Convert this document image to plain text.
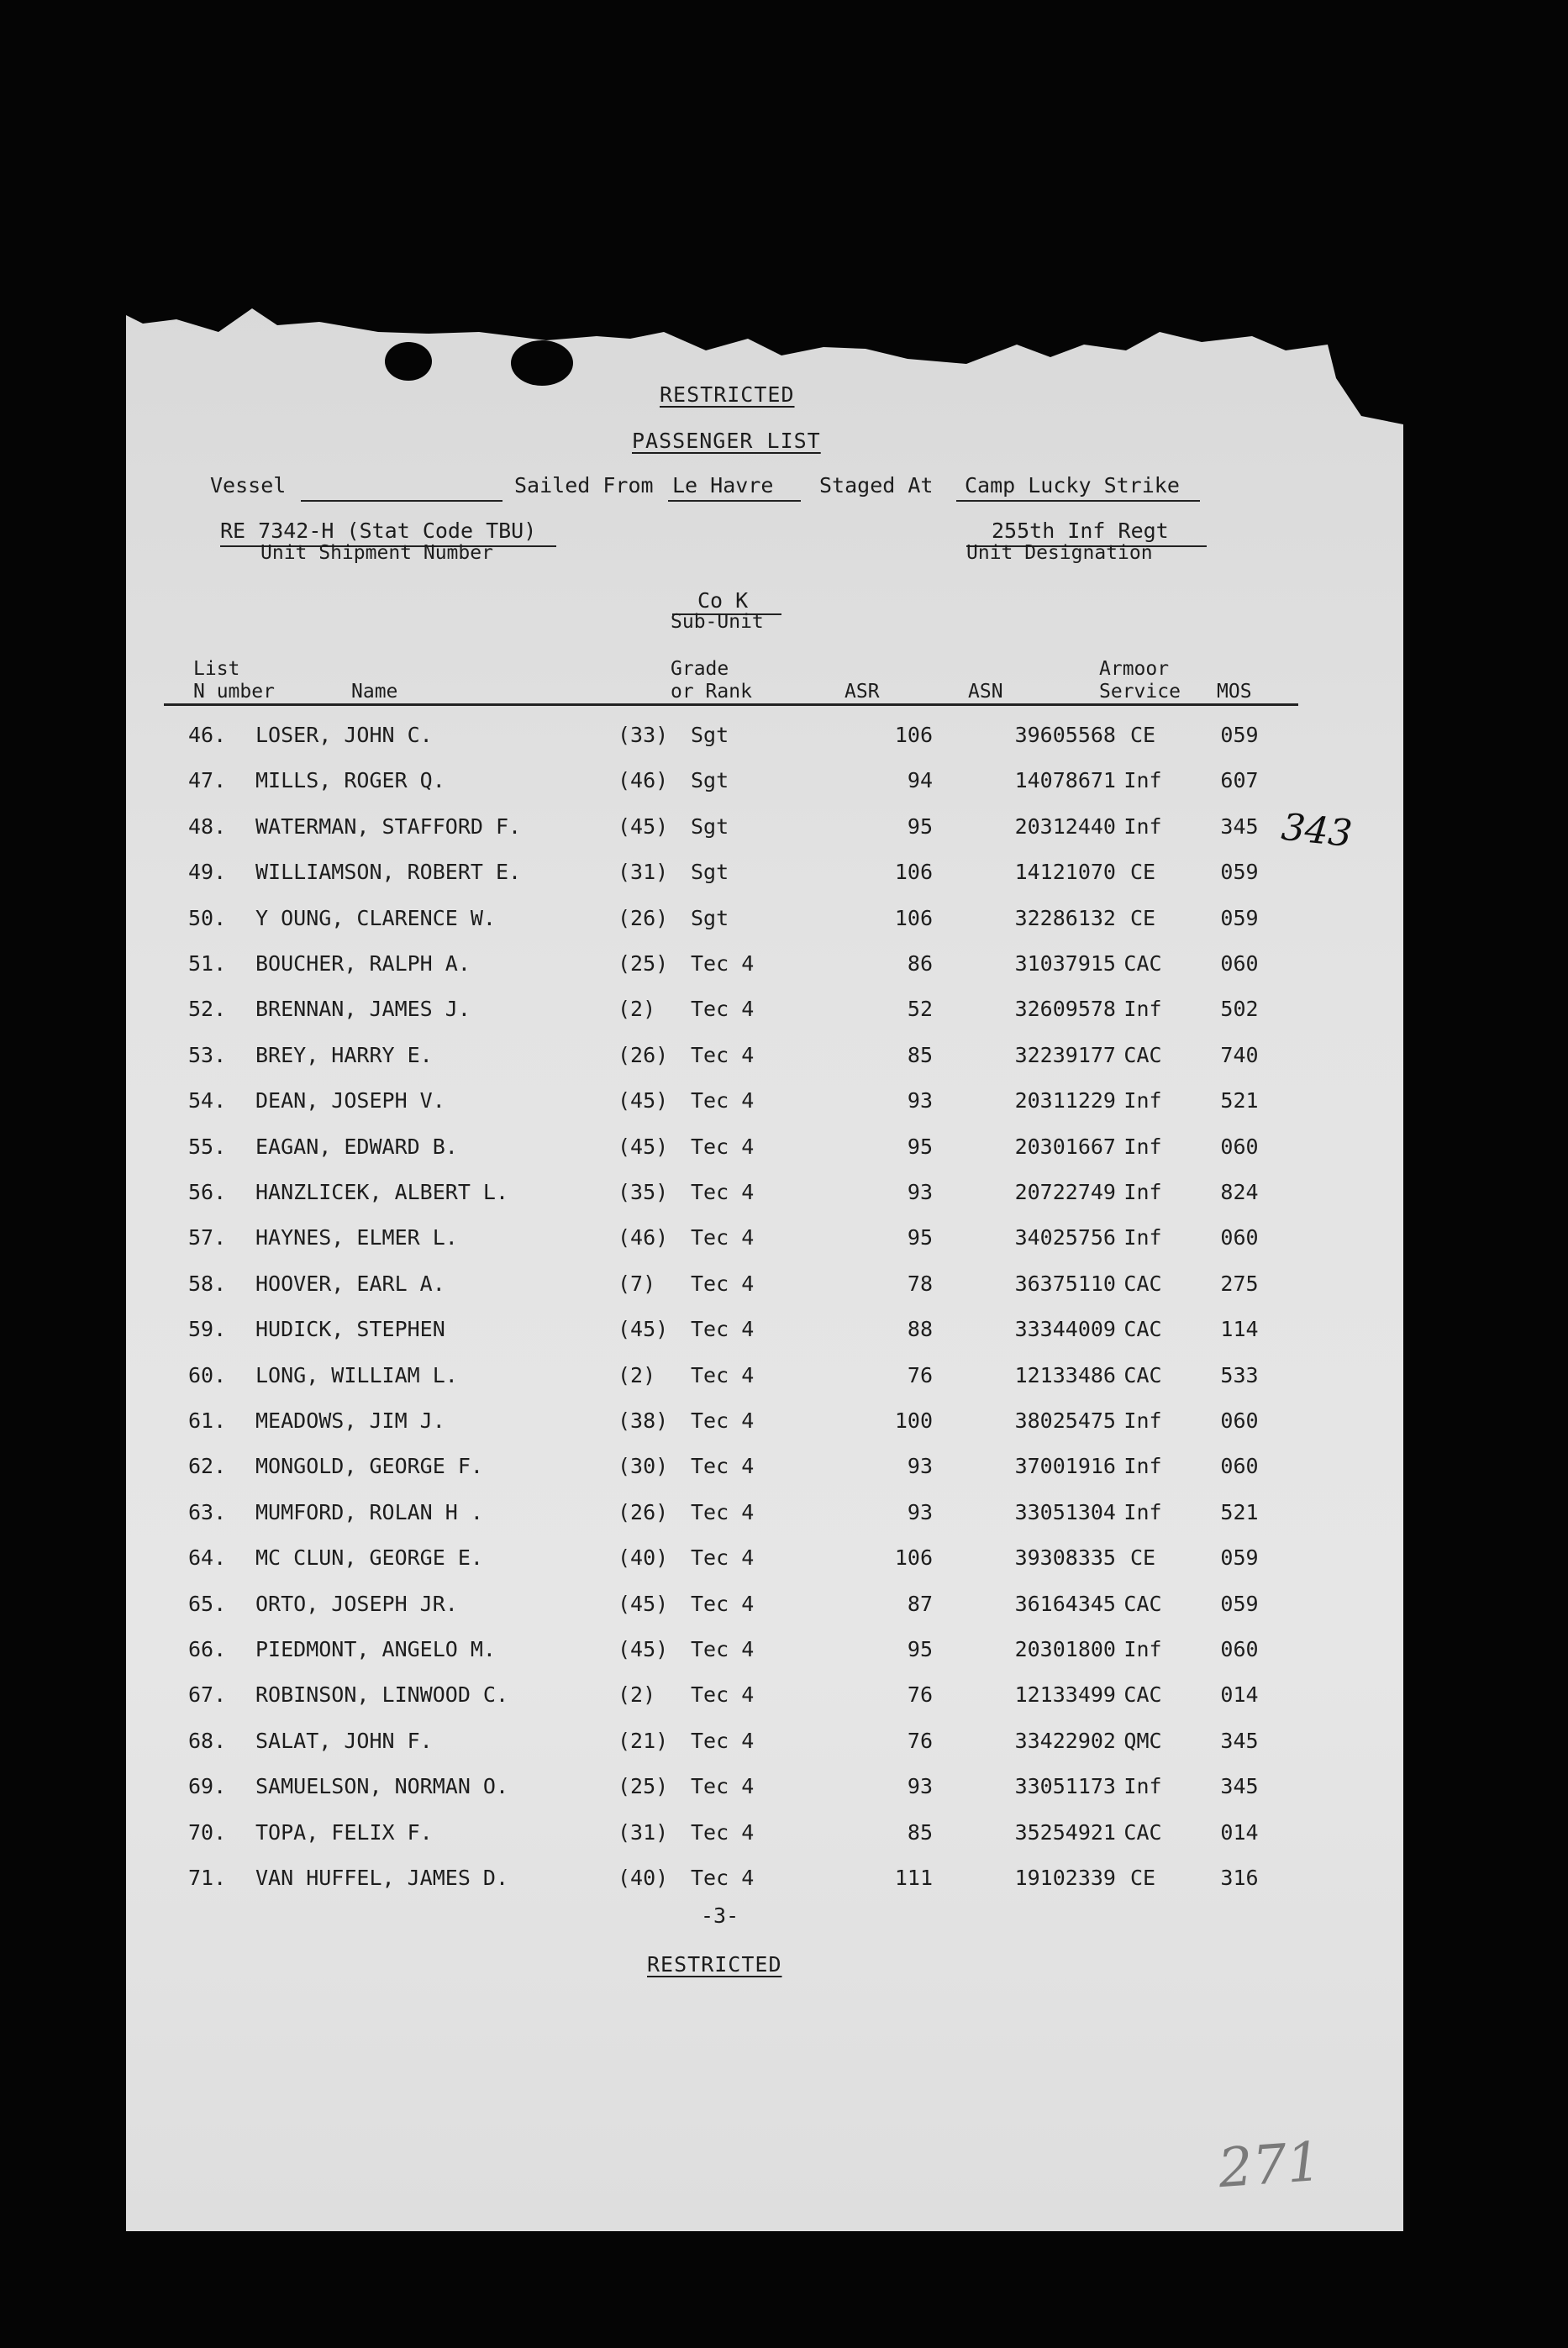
RESTRICTED
PASSENGER LIST
Vessel	Sailed From Le Havre Staged At Camp Lucky Strike
RE 7342-H (Stat Code TBU)
Unit Shipment Number
255th Inf Regt
Unit Designation
Co K
Sub-Unit
List
N umber	Name
Grade
or Rank	ASR	ASN
Armoor
Service MOS
46. LOSER, JOHN C.	(33) Sgt	106	39605568 CE	059
47. MILLS, ROGER Q.	(46) Sgt	94	14078671 Inf	607
48. WATERMAN, STAFFORD F.	(45) Sgt	95	20312440 Inf	345
49. WILLIAMSON, ROBERT E.	(31) Sgt	106	14121070 CE	059
50. Y OUNG, CLARENCE W.	(26) Sgt	106	32286132 CE	059
51. BOUCHER, RALPH A.	(25) Tec 4	86	31037915 CAC	060
52. BRENNAN, JAMES J.	(2) Tec 4	52	32609578 Inf	502
53. BREY, HARRY E.	(26) Tec 4	85	32239177 CAC	740
54. DEAN, JOSEPH V.	(45) Tec 4	93	20311229 Inf	521
55. EAGAN, EDWARD B.	(45) Tec 4	95	20301667 Inf	060
56. HANZLICEK, ALBERT L.	(35) Tec 4	93	20722749 Inf	824
57. HAYNES, ELMER L.	(46) Tec 4	95	34025756 Inf	060
58. HOOVER, EARL A.	(7) Tec 4	78	36375110 CAC	275
59. HUDICK, STEPHEN	(45) Tec 4	88	33344009 CAC	114
60. LONG, WILLIAM L.	(2) Tec 4	76	12133486 CAC	533
61. MEADOWS, JIM J.	(38) Tec 4	100	38025475 Inf	060
62. MONGOLD, GEORGE F.	(30) Tec 4	93	37001916 Inf	060
63. MUMFORD, ROLAN H .	(26) Tec 4	93	33051304 Inf	521
64. MC CLUN, GEORGE E.	(40) Tec 4	106	39308335 CE	059
65. ORTO, JOSEPH JR.	(45) Tec 4	87	36164345 CAC	059
66. PIEDMONT, ANGELO M.	(45) Tec 4	95	20301800 Inf	060
67. ROBINSON, LINWOOD C.	(2) Tec 4	76	12133499 CAC	014
68. SALAT, JOHN F.	(21) Tec 4	76	33422902 QMC	345
69. SAMUELSON, NORMAN O.	(25) Tec 4	93	33051173 Inf	345
70. TOPA, FELIX F.	(31) Tec 4	85	35254921 CAC	014
71. VAN HUFFEL, JAMES D.	(40) Tec 4	111	19102339 CE	316
-3-
RESTRICTED
343
271
